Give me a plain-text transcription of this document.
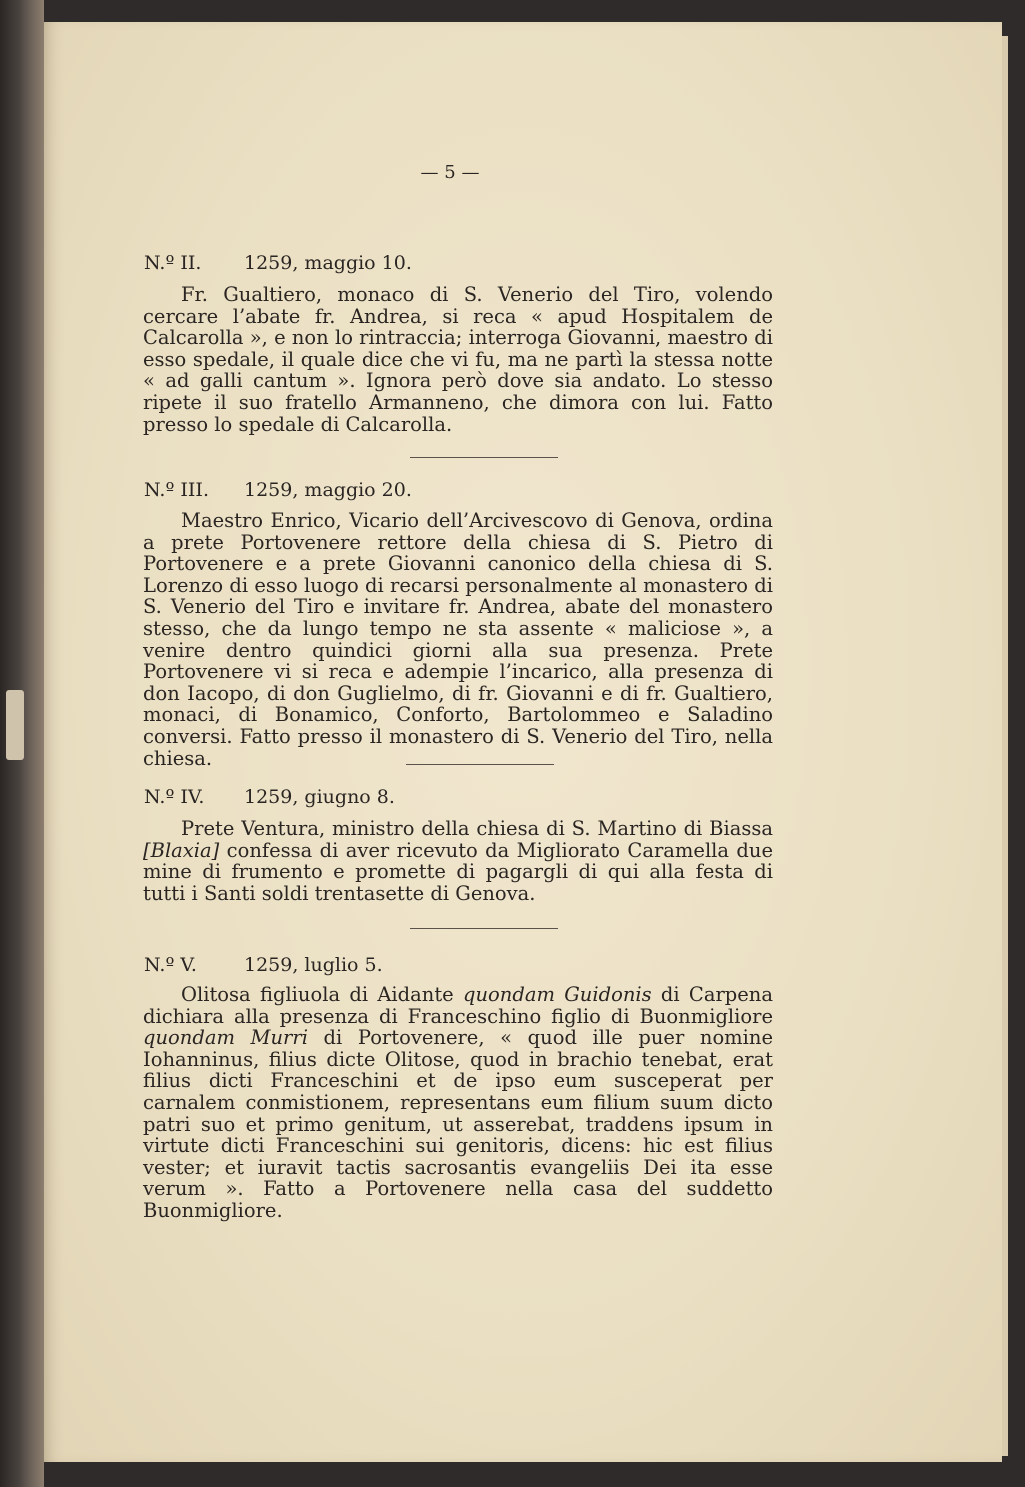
— 5 —
N.º II. 1259, maggio 10.
Fr. Gualtiero, monaco di S. Venerio del Tiro, volendo cercare l’abate fr. Andrea, si reca « apud Hospitalem de Calcarolla », e non lo rintraccia; interroga Giovanni, maestro di esso spedale, il quale dice che vi fu, ma ne partì la stessa notte « ad galli cantum ». Ignora però dove sia andato. Lo stesso ripete il suo fratello Armanneno, che dimora con lui. Fatto presso lo spedale di Calcarolla.
N.º III. 1259, maggio 20.
Maestro Enrico, Vicario dell’Arcivescovo di Genova, ordina a prete Portovenere rettore della chiesa di S. Pietro di Portovenere e a prete Giovanni canonico della chiesa di S. Lorenzo di esso luogo di recarsi personalmente al monastero di S. Venerio del Tiro e invitare fr. Andrea, abate del monastero stesso, che da lungo tempo ne sta assente « maliciose », a venire dentro quindici giorni alla sua presenza. Prete Portovenere vi si reca e adempie l’incarico, alla presenza di don Iacopo, di don Guglielmo, di fr. Giovanni e di fr. Gualtiero, monaci, di Bonamico, Conforto, Bartolommeo e Saladino conversi. Fatto presso il monastero di S. Venerio del Tiro, nella chiesa.
N.º IV. 1259, giugno 8.
Prete Ventura, ministro della chiesa di S. Martino di Biassa [Blaxia] confessa di aver ricevuto da Migliorato Caramella due mine di frumento e promette di pagargli di qui alla festa di tutti i Santi soldi trentasette di Genova.
N.º V. 1259, luglio 5.
Olitosa figliuola di Aidante quondam Guidonis di Carpena dichiara alla presenza di Franceschino figlio di Buonmigliore quondam Murri di Portovenere, « quod ille puer nomine Iohanninus, filius dicte Olitose, quod in brachio tenebat, erat filius dicti Franceschini et de ipso eum susceperat per carnalem conmistionem, representans eum filium suum dicto patri suo et primo genitum, ut asserebat, traddens ipsum in virtute dicti Franceschini sui genitoris, dicens: hic est filius vester; et iuravit tactis sacrosantis evangeliis Dei ita esse verum ». Fatto a Portovenere nella casa del suddetto Buonmigliore.
